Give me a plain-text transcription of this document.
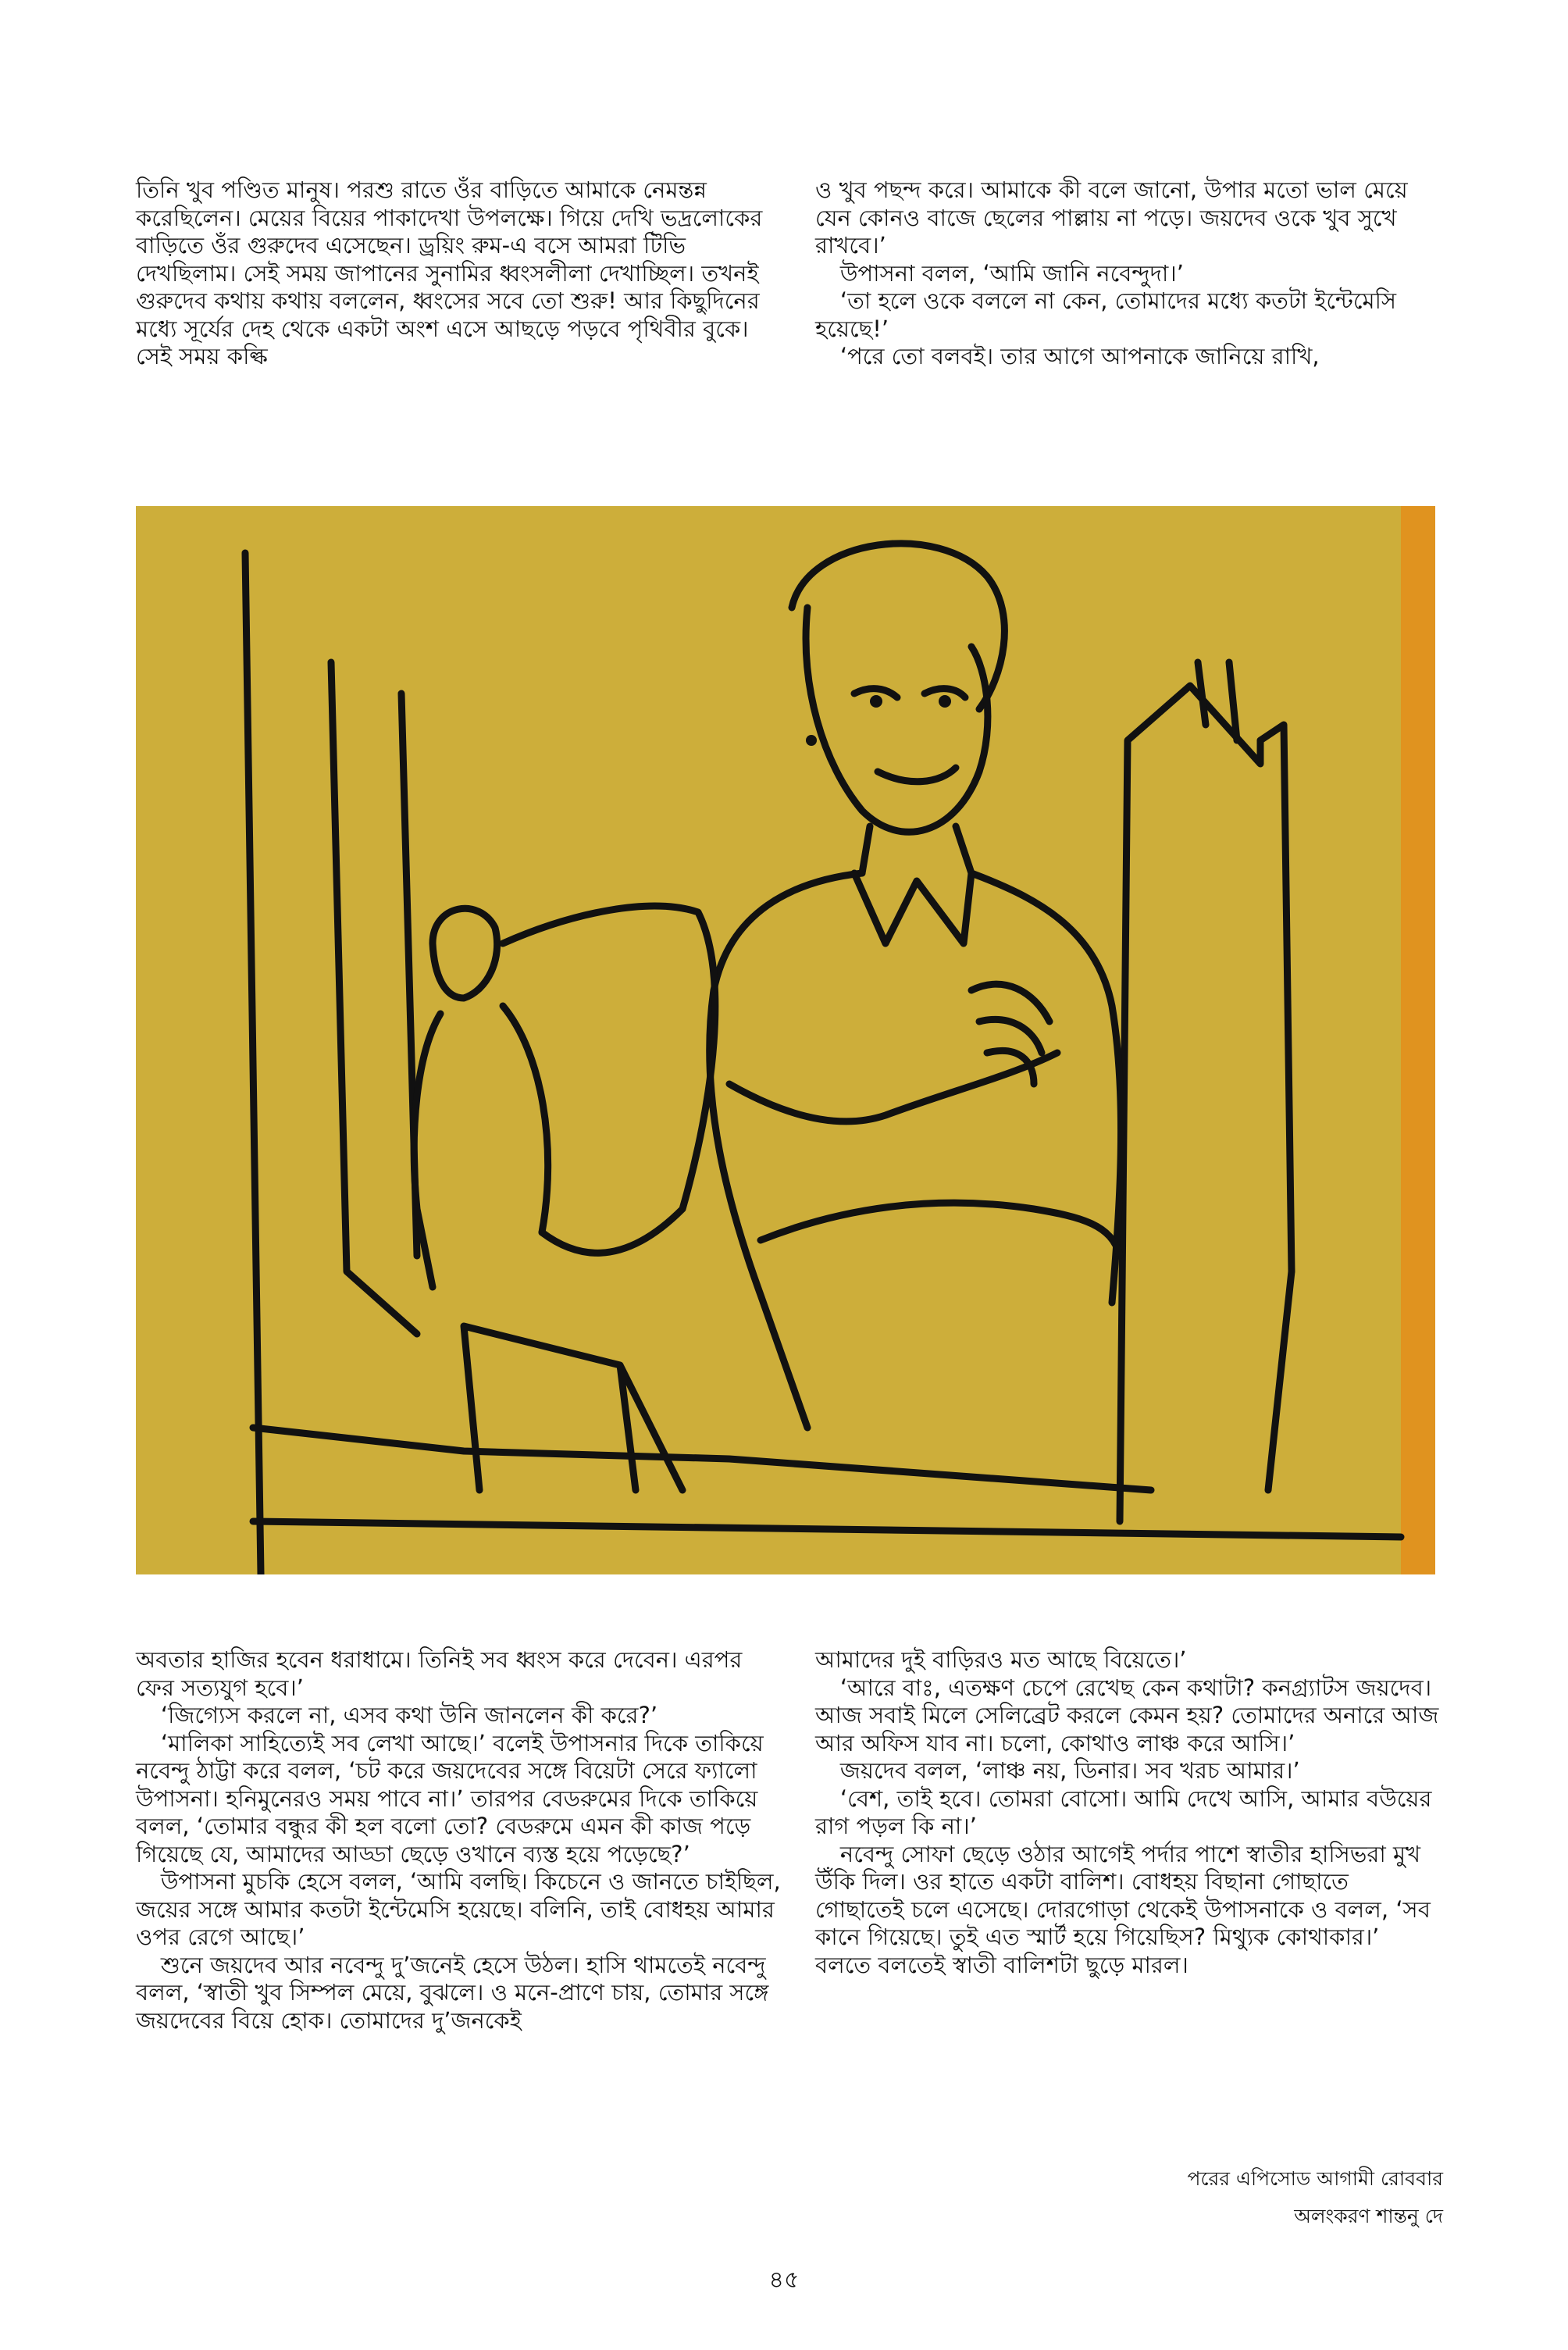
তিনি খুব পণ্ডিত মানুষ। পরশু রাতে ওঁর বাড়িতে আমাকে নেমন্তন্ন করেছিলেন। মেয়ের বিয়ের পাকাদেখা উপলক্ষে। গিয়ে দেখি ভদ্রলোকের বাড়িতে ওঁর গুরুদেব এসেছেন। ড্রয়িং রুম-এ বসে আমরা টিভি দেখছিলাম। সেই সময় জাপানের সুনামির ধ্বংসলীলা দেখাচ্ছিল। তখনই গুরুদেব কথায় কথায় বললেন, ধ্বংসের সবে তো শুরু! আর কিছুদিনের মধ্যে সূর্যের দেহ থেকে একটা অংশ এসে আছড়ে পড়বে পৃথিবীর বুকে। সেই সময় কল্কি

ও খুব পছন্দ করে। আমাকে কী বলে জানো, উপার মতো ভাল মেয়ে যেন কোনও বাজে ছেলের পাল্লায় না পড়ে। জয়দেব ওকে খুব সুখে রাখবে।’

উপাসনা বলল, ‘আমি জানি নবেন্দুদা।’

‘তা হলে ওকে বললে না কেন, তোমাদের মধ্যে কতটা ইন্টেমেসি হয়েছে!’

‘পরে তো বলবই। তার আগে আপনাকে জানিয়ে রাখি,

অবতার হাজির হবেন ধরাধামে। তিনিই সব ধ্বংস করে দেবেন। এরপর ফের সত্যযুগ হবে।’

‘জিগ্যেস করলে না, এসব কথা উনি জানলেন কী করে?’

‘মালিকা সাহিত্যেই সব লেখা আছে।’ বলেই উপাসনার দিকে তাকিয়ে নবেন্দু ঠাট্টা করে বলল, ‘চট করে জয়দেবের সঙ্গে বিয়েটা সেরে ফ্যালো উপাসনা। হনিমুনেরও সময় পাবে না।’ তারপর বেডরুমের দিকে তাকিয়ে বলল, ‘তোমার বন্ধুর কী হল বলো তো? বেডরুমে এমন কী কাজ পড়ে গিয়েছে যে, আমাদের আড্ডা ছেড়ে ওখানে ব্যস্ত হয়ে পড়েছে?’

উপাসনা মুচকি হেসে বলল, ‘আমি বলছি। কিচেনে ও জানতে চাইছিল, জয়ের সঙ্গে আমার কতটা ইন্টেমেসি হয়েছে। বলিনি, তাই বোধহয় আমার ওপর রেগে আছে।’

শুনে জয়দেব আর নবেন্দু দু’জনেই হেসে উঠল। হাসি থামতেই নবেন্দু বলল, ‘স্বাতী খুব সিম্পল মেয়ে, বুঝলে। ও মনে-প্রাণে চায়, তোমার সঙ্গে জয়দেবের বিয়ে হোক। তোমাদের দু’জনকেই

আমাদের দুই বাড়িরও মত আছে বিয়েতে।’

‘আরে বাঃ, এতক্ষণ চেপে রেখেছ কেন কথাটা? কনগ্র্যাটস জয়দেব। আজ সবাই মিলে সেলিব্রেট করলে কেমন হয়? তোমাদের অনারে আজ আর অফিস যাব না। চলো, কোথাও লাঞ্চ করে আসি।’

জয়দেব বলল, ‘লাঞ্চ নয়, ডিনার। সব খরচ আমার।’

‘বেশ, তাই হবে। তোমরা বোসো। আমি দেখে আসি, আমার বউয়ের রাগ পড়ল কি না।’

নবেন্দু সোফা ছেড়ে ওঠার আগেই পর্দার পাশে স্বাতীর হাসিভরা মুখ উঁকি দিল। ওর হাতে একটা বালিশ। বোধহয় বিছানা গোছাতে গোছাতেই চলে এসেছে। দোরগোড়া থেকেই উপাসনাকে ও বলল, ‘সব কানে গিয়েছে। তুই এত স্মার্ট হয়ে গিয়েছিস? মিথ্যুক কোথাকার।’ বলতে বলতেই স্বাতী বালিশটা ছুড়ে মারল।

পরের এপিসোড আগামী রোববার
অলংকরণ শান্তনু দে
৪৫
